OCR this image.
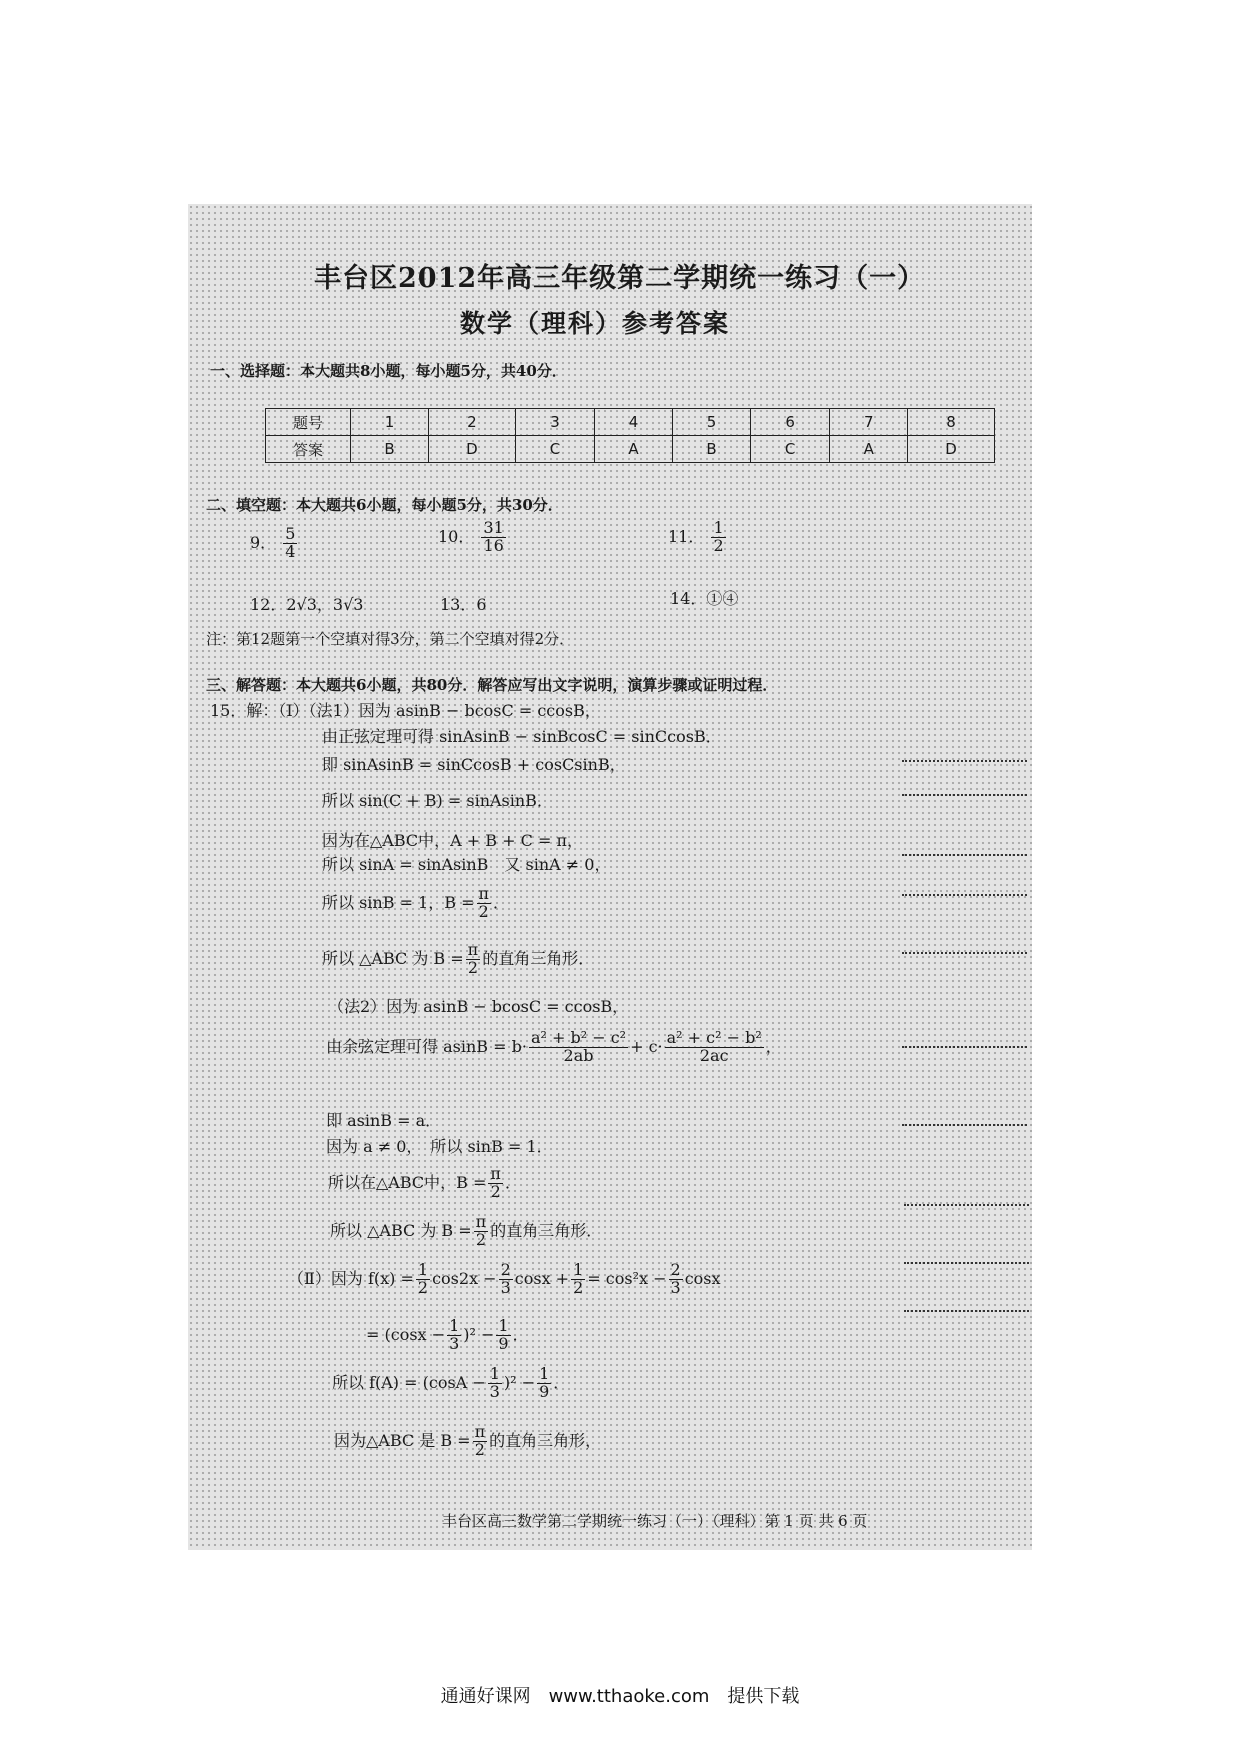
丰台区2012年高三年级第二学期统一练习（一）
数学（理科）参考答案
一、选择题：本大题共8小题，每小题5分，共40分．
题号	1	2	3	4	5	6	7	8
答案	B	D	C	A	B	C	A	D
二、填空题：本大题共6小题，每小题5分，共30分．
9． $\frac{5}{4}$	10． $\frac{31}{16}$	11． $\frac{1}{2}$
12．2√3，3√3	13．6	14．①④
注：第12题第一个空填对得3分，第二个空填对得2分．
三、解答题：本大题共6小题，共80分．解答应写出文字说明，演算步骤或证明过程．
15．解：（Ⅰ）（法1）因为 asinB − bcosC = ccosB，
由正弦定理可得 sinAsinB − sinBcosC = sinCcosB．
即 sinAsinB = sinCcosB + cosCsinB，
所以 sin(C + B) = sinAsinB．
因为在△ABC中，A + B + C = π，
所以 sinA = sinAsinB　又 sinA ≠ 0，
所以 sinB = 1，$B = \frac{\pi}{2}$ ．
所以 △ABC 为 $B = \frac{\pi}{2}$ 的直角三角形．
（法2）因为 asinB − bcosC = ccosB，
由余弦定理可得 $asinB = b\cdot \frac{\text{a² + b² − c²}}{2ab} + c\cdot \frac{\text{a² + c² − b²}}{2ac}$ ，
即 asinB = a．
因为 a ≠ 0，　所以 sinB = 1．
所以在△ABC中，$B = \frac{\pi}{2}$ ．
所以 △ABC 为 $B = \frac{\pi}{2}$ 的直角三角形．
（Ⅱ）因为 $f(x) = \frac{1}{2} \cos 2x - \frac{2}{3}$ $\cos x + \frac{1}{2} = \cos^2x - \frac{2}{3}$ cosx
= $(\cos x - \frac{1}{3} )^2 - \frac{1}{9}$ ．
所以 $f(A) = (\cos A - \frac{1}{3} )^2 - \frac{1}{9}$ ．
因为△ABC 是 $B = \frac{\pi}{2}$ 的直角三角形，
丰台区高三数学第二学期统一练习（一）（理科）第 1 页 共 6 页
通通好课网　www.tthaoke.com　提供下载
